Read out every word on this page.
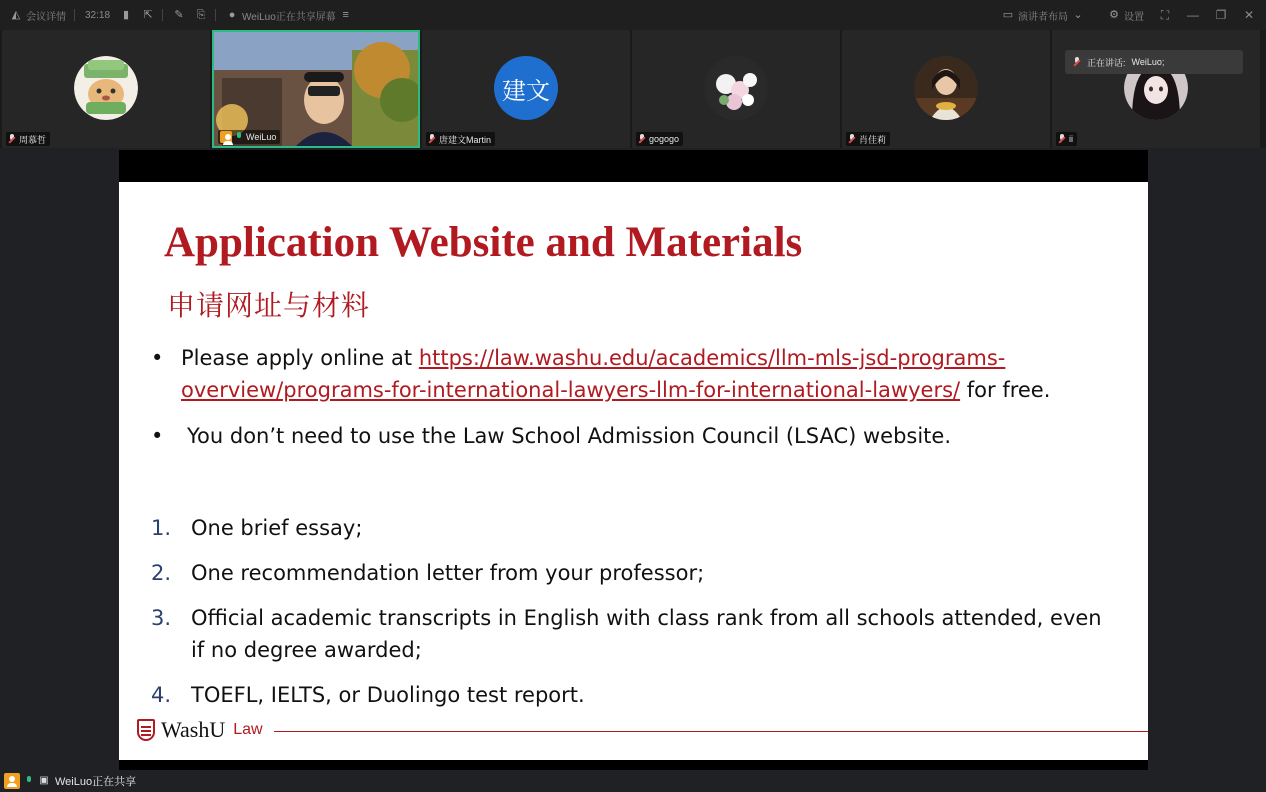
◭ 会议详情 32:18 ▮ ⇱ ✎ ⎘ ● WeiLuo正在共享屏幕 ≡	▭ 演讲者布局 ⌄ ⚙ 设置 ⛶ — ❐ ✕
周慕哲	WeiLuo
建文
唐建文Martin	gogogo	肖佳莉	ii
正在讲话: WeiLuo;
Application Website and Materials
申请网址与材料
• Please apply online at https://law.washu.edu/academics/llm-mls-jsd-programs-
overview/programs-for-international-lawyers-llm-for-international-lawyers/ for free.
• You don’t need to use the Law School Admission Council (LSAC) website.
1. One brief essay;
2. One recommendation letter from your professor;
3. Official academic transcripts in English with class rank from all schools attended, even if no degree awarded;
4. TOEFL, IELTS, or Duolingo test report.
WashU Law
▣ WeiLuo正在共享
